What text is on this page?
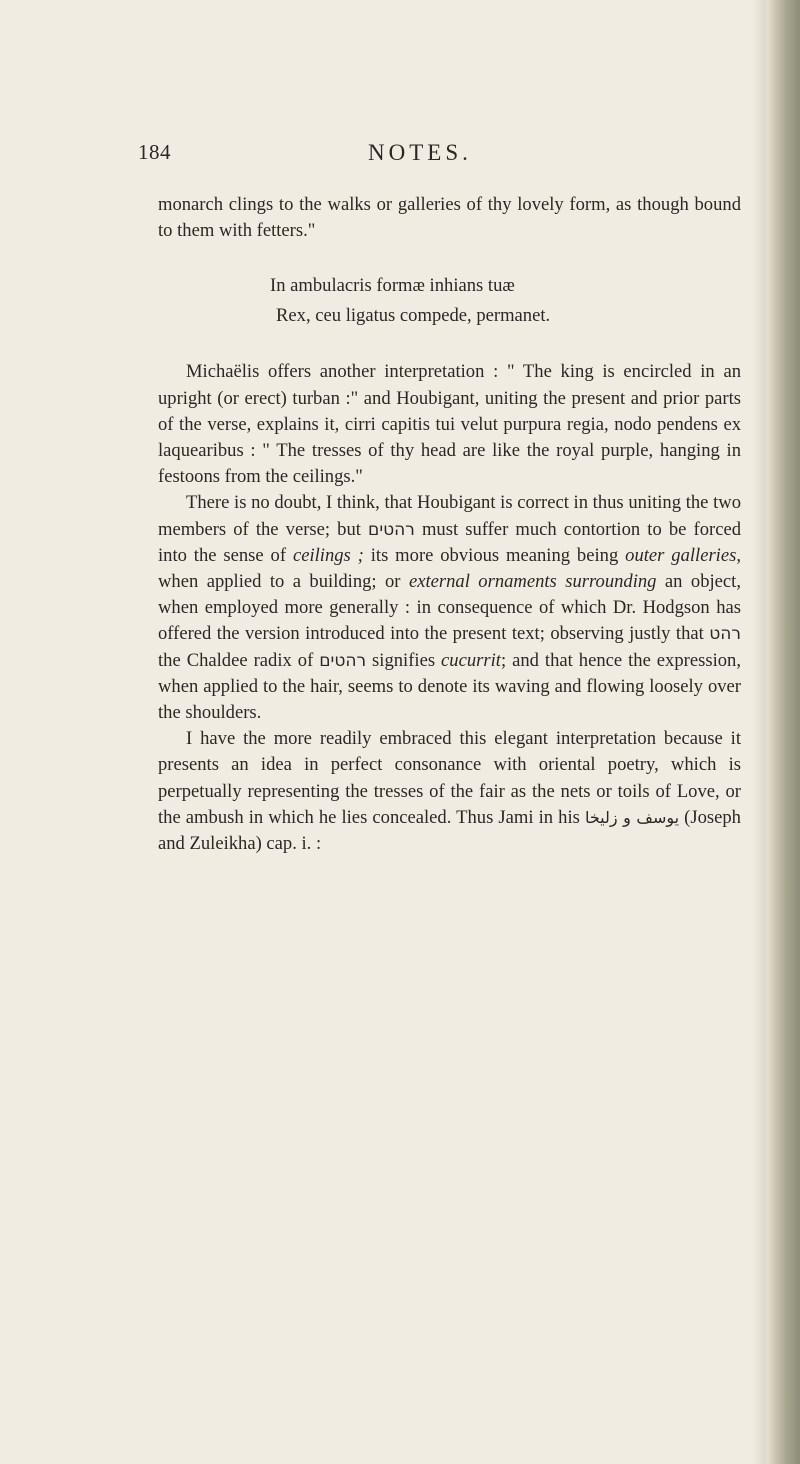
184	NOTES.

monarch clings to the walks or galleries of thy lovely form, as though bound to them with fetters."

In ambulacris formæ inhians tuæ
Rex, ceu ligatus compede, permanet.

Michaëlis offers another interpretation : " The king is encircled in an upright (or erect) turban :" and Houbigant, uniting the present and prior parts of the verse, explains it, cirri capitis tui velut purpura regia, nodo pendens ex laquearibus : " The tresses of thy head are like the royal purple, hanging in festoons from the ceilings."

There is no doubt, I think, that Houbigant is correct in thus uniting the two members of the verse; but רהטים must suffer much contortion to be forced into the sense of ceilings ; its more obvious meaning being outer galleries, when applied to a building; or external ornaments surrounding an object, when employed more generally : in consequence of which Dr. Hodgson has offered the version introduced into the present text; observing justly that רהט the Chaldee radix of רהטים signifies cucurrit; and that hence the expression, when applied to the hair, seems to denote its waving and flowing loosely over the shoulders.

I have the more readily embraced this elegant interpretation because it presents an idea in perfect consonance with oriental poetry, which is perpetually representing the tresses of the fair as the nets or toils of Love, or the ambush in which he lies concealed. Thus Jami in his یوسف و زلیخا (Joseph and Zuleikha) cap. i. :
